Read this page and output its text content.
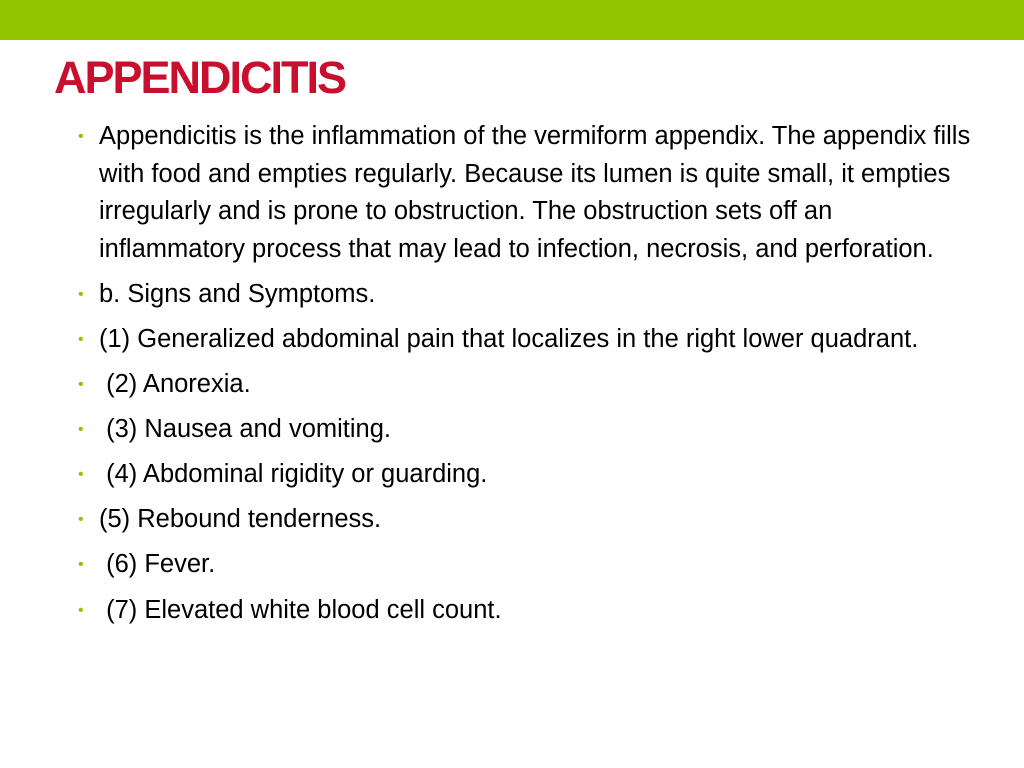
APPENDICITIS
• Appendicitis is the inflammation of the vermiform appendix. The appendix fills with food and empties regularly. Because its lumen is quite small, it empties irregularly and is prone to obstruction. The obstruction sets off an inflammatory process that may lead to infection, necrosis, and perforation.
• b. Signs and Symptoms.
• (1) Generalized abdominal pain that localizes in the right lower quadrant.
• (2) Anorexia.
• (3) Nausea and vomiting.
• (4) Abdominal rigidity or guarding.
• (5) Rebound tenderness.
• (6) Fever.
• (7) Elevated white blood cell count.
